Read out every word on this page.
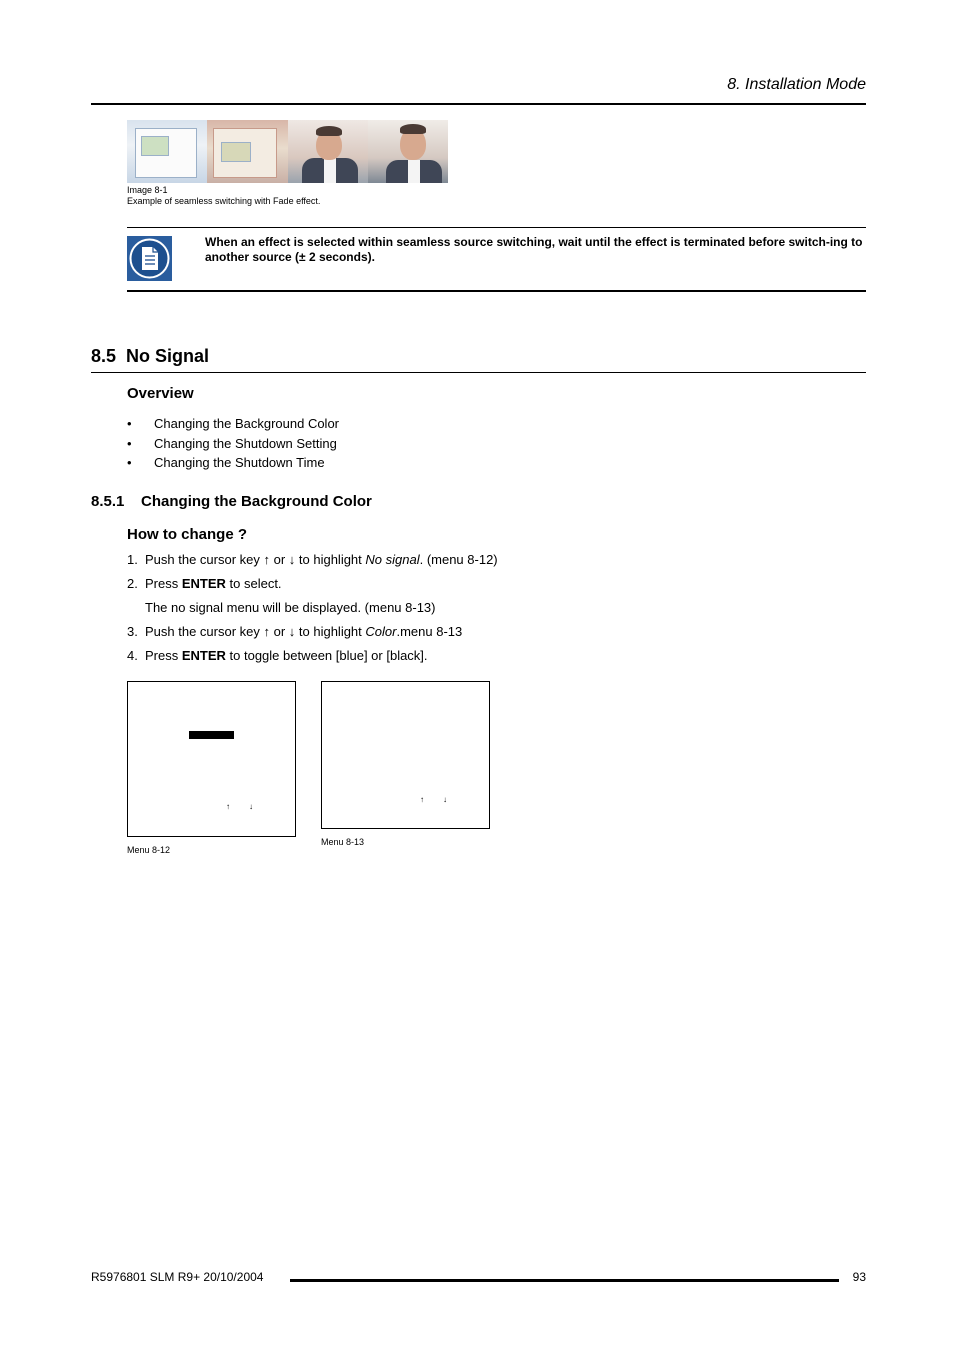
8. Installation Mode
Image 8-1
Example of seamless switching with Fade effect.
When an effect is selected within seamless source switching, wait until the effect is terminated before switch-ing to another source (± 2 seconds).
8.5 No Signal
Overview
• Changing the Background Color
• Changing the Shutdown Setting
• Changing the Shutdown Time
8.5.1 Changing the Background Color
How to change ?
1. Push the cursor key ↑ or ↓ to highlight No signal. (menu 8-12)
2. Press ENTER to select.
The no signal menu will be displayed. (menu 8-13)
3. Push the cursor key ↑ or ↓ to highlight Color.menu 8-13
4. Press ENTER to toggle between [blue] or [black].
↑ ↓
Menu 8-12
↑ ↓
Menu 8-13
R5976801 SLM R9+ 20/10/2004	93
